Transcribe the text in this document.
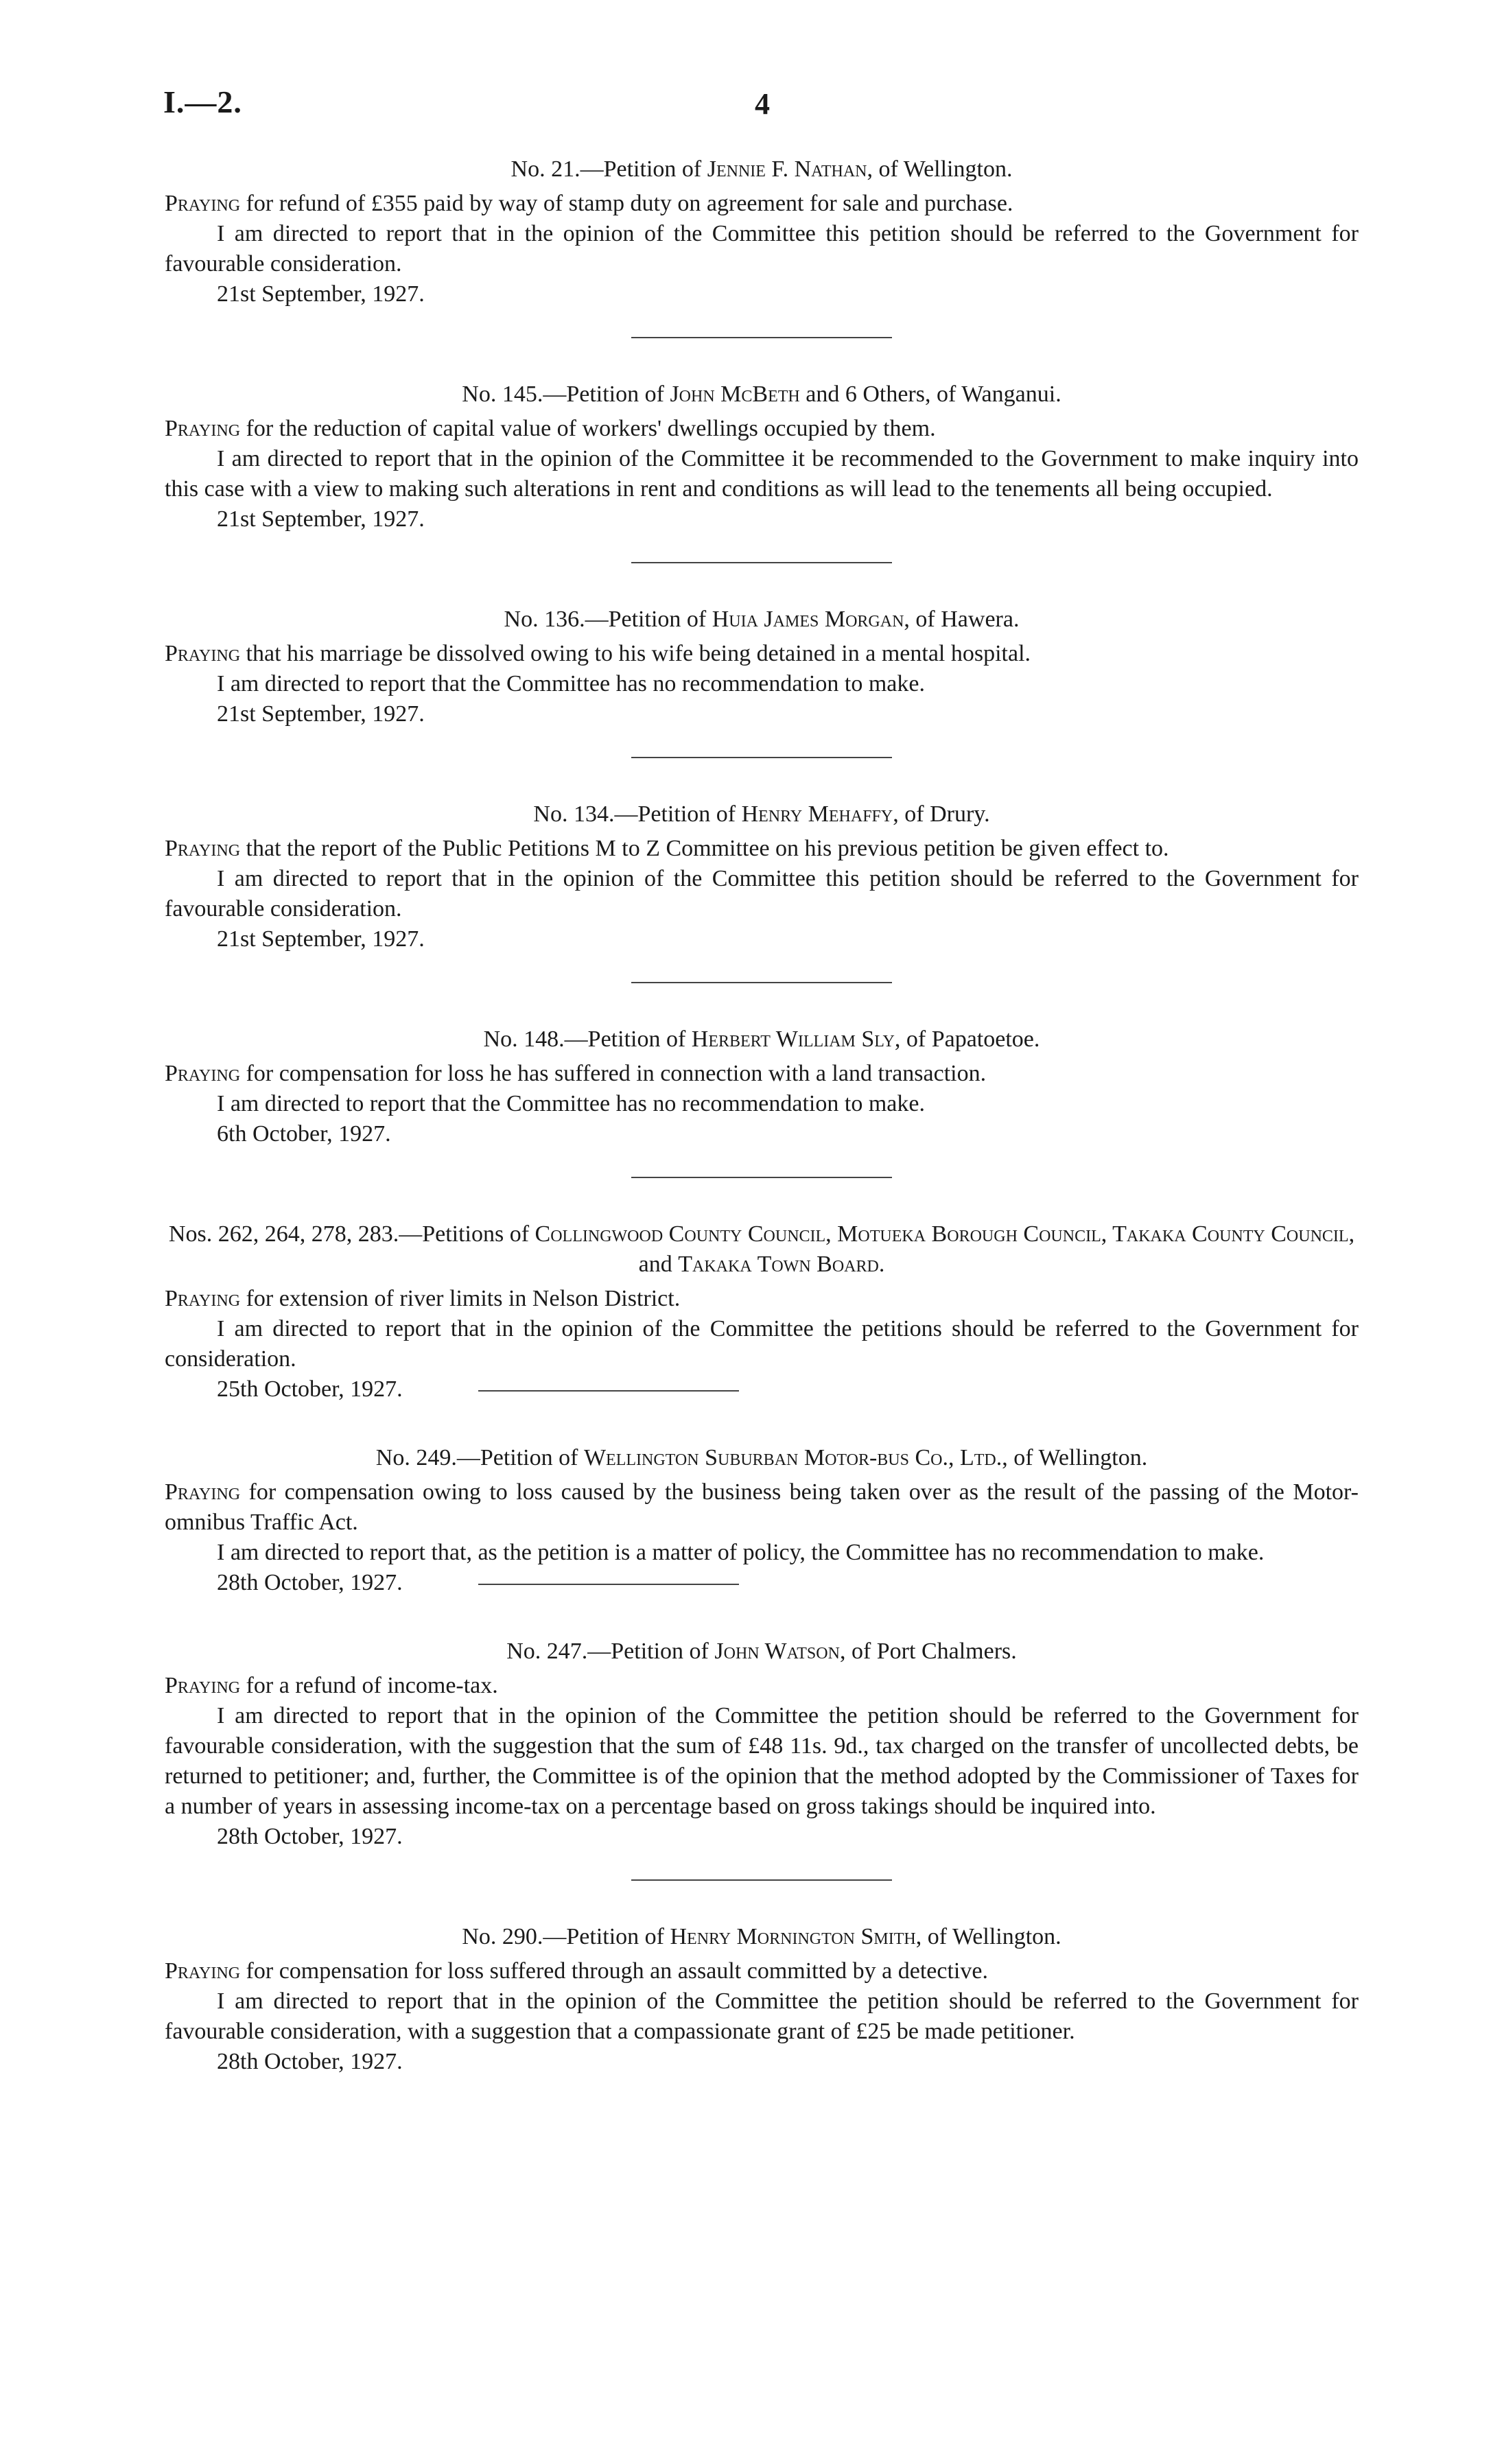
I.—2.	4
No. 21.—Petition of Jennie F. Nathan, of Wellington.

Praying for refund of £355 paid by way of stamp duty on agreement for sale and purchase.

I am directed to report that in the opinion of the Committee this petition should be referred to the Government for favourable consideration.

21st September, 1927.

No. 145.—Petition of John McBeth and 6 Others, of Wanganui.

Praying for the reduction of capital value of workers' dwellings occupied by them.

I am directed to report that in the opinion of the Committee it be recommended to the Government to make inquiry into this case with a view to making such alterations in rent and conditions as will lead to the tenements all being occupied.

21st September, 1927.

No. 136.—Petition of Huia James Morgan, of Hawera.

Praying that his marriage be dissolved owing to his wife being detained in a mental hospital.

I am directed to report that the Committee has no recommendation to make.

21st September, 1927.

No. 134.—Petition of Henry Mehaffy, of Drury.

Praying that the report of the Public Petitions M to Z Committee on his previous petition be given effect to.

I am directed to report that in the opinion of the Committee this petition should be referred to the Government for favourable consideration.

21st September, 1927.

No. 148.—Petition of Herbert William Sly, of Papatoetoe.

Praying for compensation for loss he has suffered in connection with a land transaction.

I am directed to report that the Committee has no recommendation to make.

6th October, 1927.

Nos. 262, 264, 278, 283.—Petitions of Collingwood County Council, Motueka Borough Council, Takaka County Council, and Takaka Town Board.

Praying for extension of river limits in Nelson District.

I am directed to report that in the opinion of the Committee the petitions should be referred to the Government for consideration.

25th October, 1927.
No. 249.—Petition of Wellington Suburban Motor-bus Co., Ltd., of Wellington.

Praying for compensation owing to loss caused by the business being taken over as the result of the passing of the Motor-omnibus Traffic Act.

I am directed to report that, as the petition is a matter of policy, the Committee has no recommendation to make.

28th October, 1927.
No. 247.—Petition of John Watson, of Port Chalmers.

Praying for a refund of income-tax.

I am directed to report that in the opinion of the Committee the petition should be referred to the Government for favourable consideration, with the suggestion that the sum of £48 11s. 9d., tax charged on the transfer of uncollected debts, be returned to petitioner; and, further, the Committee is of the opinion that the method adopted by the Commissioner of Taxes for a number of years in assessing income-tax on a percentage based on gross takings should be inquired into.

28th October, 1927.

No. 290.—Petition of Henry Mornington Smith, of Wellington.

Praying for compensation for loss suffered through an assault committed by a detective.

I am directed to report that in the opinion of the Committee the petition should be referred to the Government for favourable consideration, with a suggestion that a compassionate grant of £25 be made petitioner.

28th October, 1927.
